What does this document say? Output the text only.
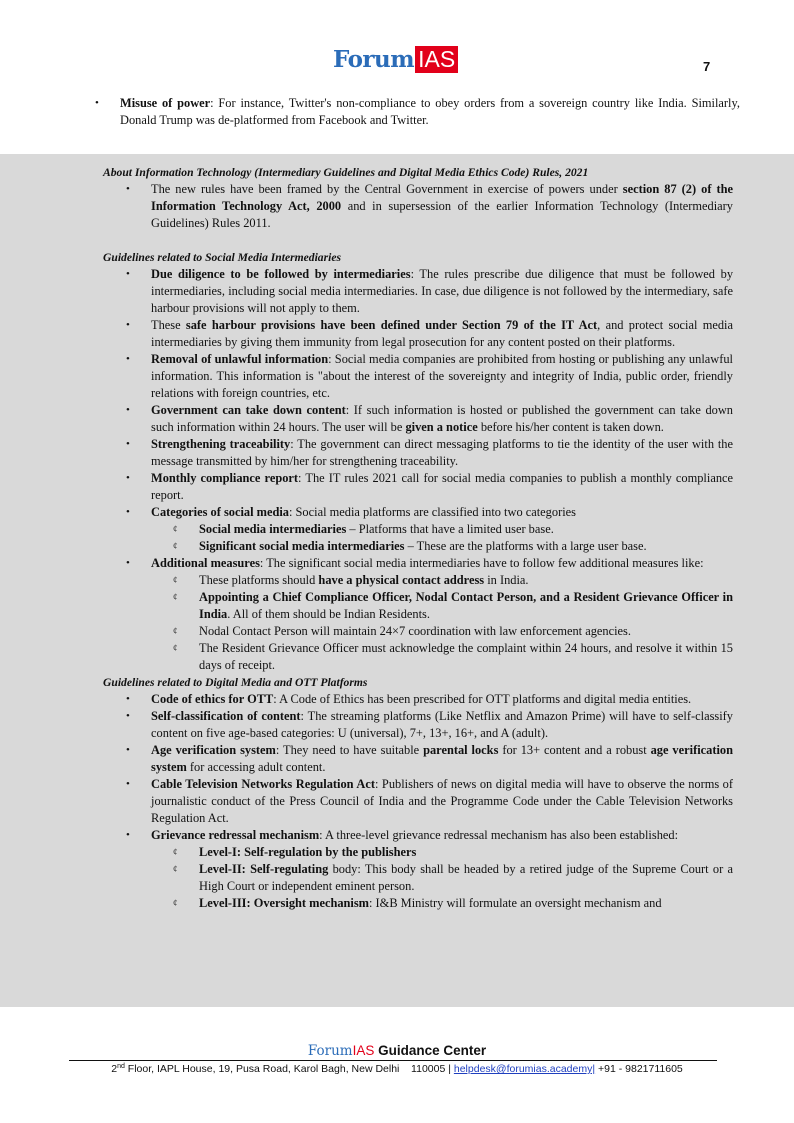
Forum IAS	7
• Misuse of power: For instance, Twitter's non-compliance to obey orders from a sovereign country like India. Similarly, Donald Trump was de-platformed from Facebook and Twitter.
About Information Technology (Intermediary Guidelines and Digital Media Ethics Code) Rules, 2021
• The new rules have been framed by the Central Government in exercise of powers under section 87 (2) of the Information Technology Act, 2000 and in supersession of the earlier Information Technology (Intermediary Guidelines) Rules 2011.
Guidelines related to Social Media Intermediaries
• Due diligence to be followed by intermediaries: The rules prescribe due diligence that must be followed by intermediaries, including social media intermediaries. In case, due diligence is not followed by the intermediary, safe harbour provisions will not apply to them.
• These safe harbour provisions have been defined under Section 79 of the IT Act, and protect social media intermediaries by giving them immunity from legal prosecution for any content posted on their platforms.
• Removal of unlawful information: Social media companies are prohibited from hosting or publishing any unlawful information. This information is "about the interest of the sovereignty and integrity of India, public order, friendly relations with foreign countries, etc.
• Government can take down content: If such information is hosted or published the government can take down such information within 24 hours. The user will be given a notice before his/her content is taken down.
• Strengthening traceability: The government can direct messaging platforms to tie the identity of the user with the message transmitted by him/her for strengthening traceability.
• Monthly compliance report: The IT rules 2021 call for social media companies to publish a monthly compliance report.
• Categories of social media: Social media platforms are classified into two categories
¢ Social media intermediaries – Platforms that have a limited user base.
¢ Significant social media intermediaries – These are the platforms with a large user base.
• Additional measures: The significant social media intermediaries have to follow few additional measures like:
¢ These platforms should have a physical contact address in India.
¢ Appointing a Chief Compliance Officer, Nodal Contact Person, and a Resident Grievance Officer in India. All of them should be Indian Residents.
¢ Nodal Contact Person will maintain 24×7 coordination with law enforcement agencies.
¢ The Resident Grievance Officer must acknowledge the complaint within 24 hours, and resolve it within 15 days of receipt.
Guidelines related to Digital Media and OTT Platforms
• Code of ethics for OTT: A Code of Ethics has been prescribed for OTT platforms and digital media entities.
• Self-classification of content: The streaming platforms (Like Netflix and Amazon Prime) will have to self-classify content on five age-based categories: U (universal), 7+, 13+, 16+, and A (adult).
• Age verification system: They need to have suitable parental locks for 13+ content and a robust age verification system for accessing adult content.
• Cable Television Networks Regulation Act: Publishers of news on digital media will have to observe the norms of journalistic conduct of the Press Council of India and the Programme Code under the Cable Television Networks Regulation Act.
• Grievance redressal mechanism: A three-level grievance redressal mechanism has also been established:
¢ Level-I: Self-regulation by the publishers
¢ Level-II: Self-regulating body: This body shall be headed by a retired judge of the Supreme Court or a High Court or independent eminent person.
¢ Level-III: Oversight mechanism: I&B Ministry will formulate an oversight mechanism and
ForumIAS Guidance Center
2nd Floor, IAPL House, 19, Pusa Road, Karol Bagh, New Delhi    110005 | helpdesk@forumias.academy| +91 - 9821711605
